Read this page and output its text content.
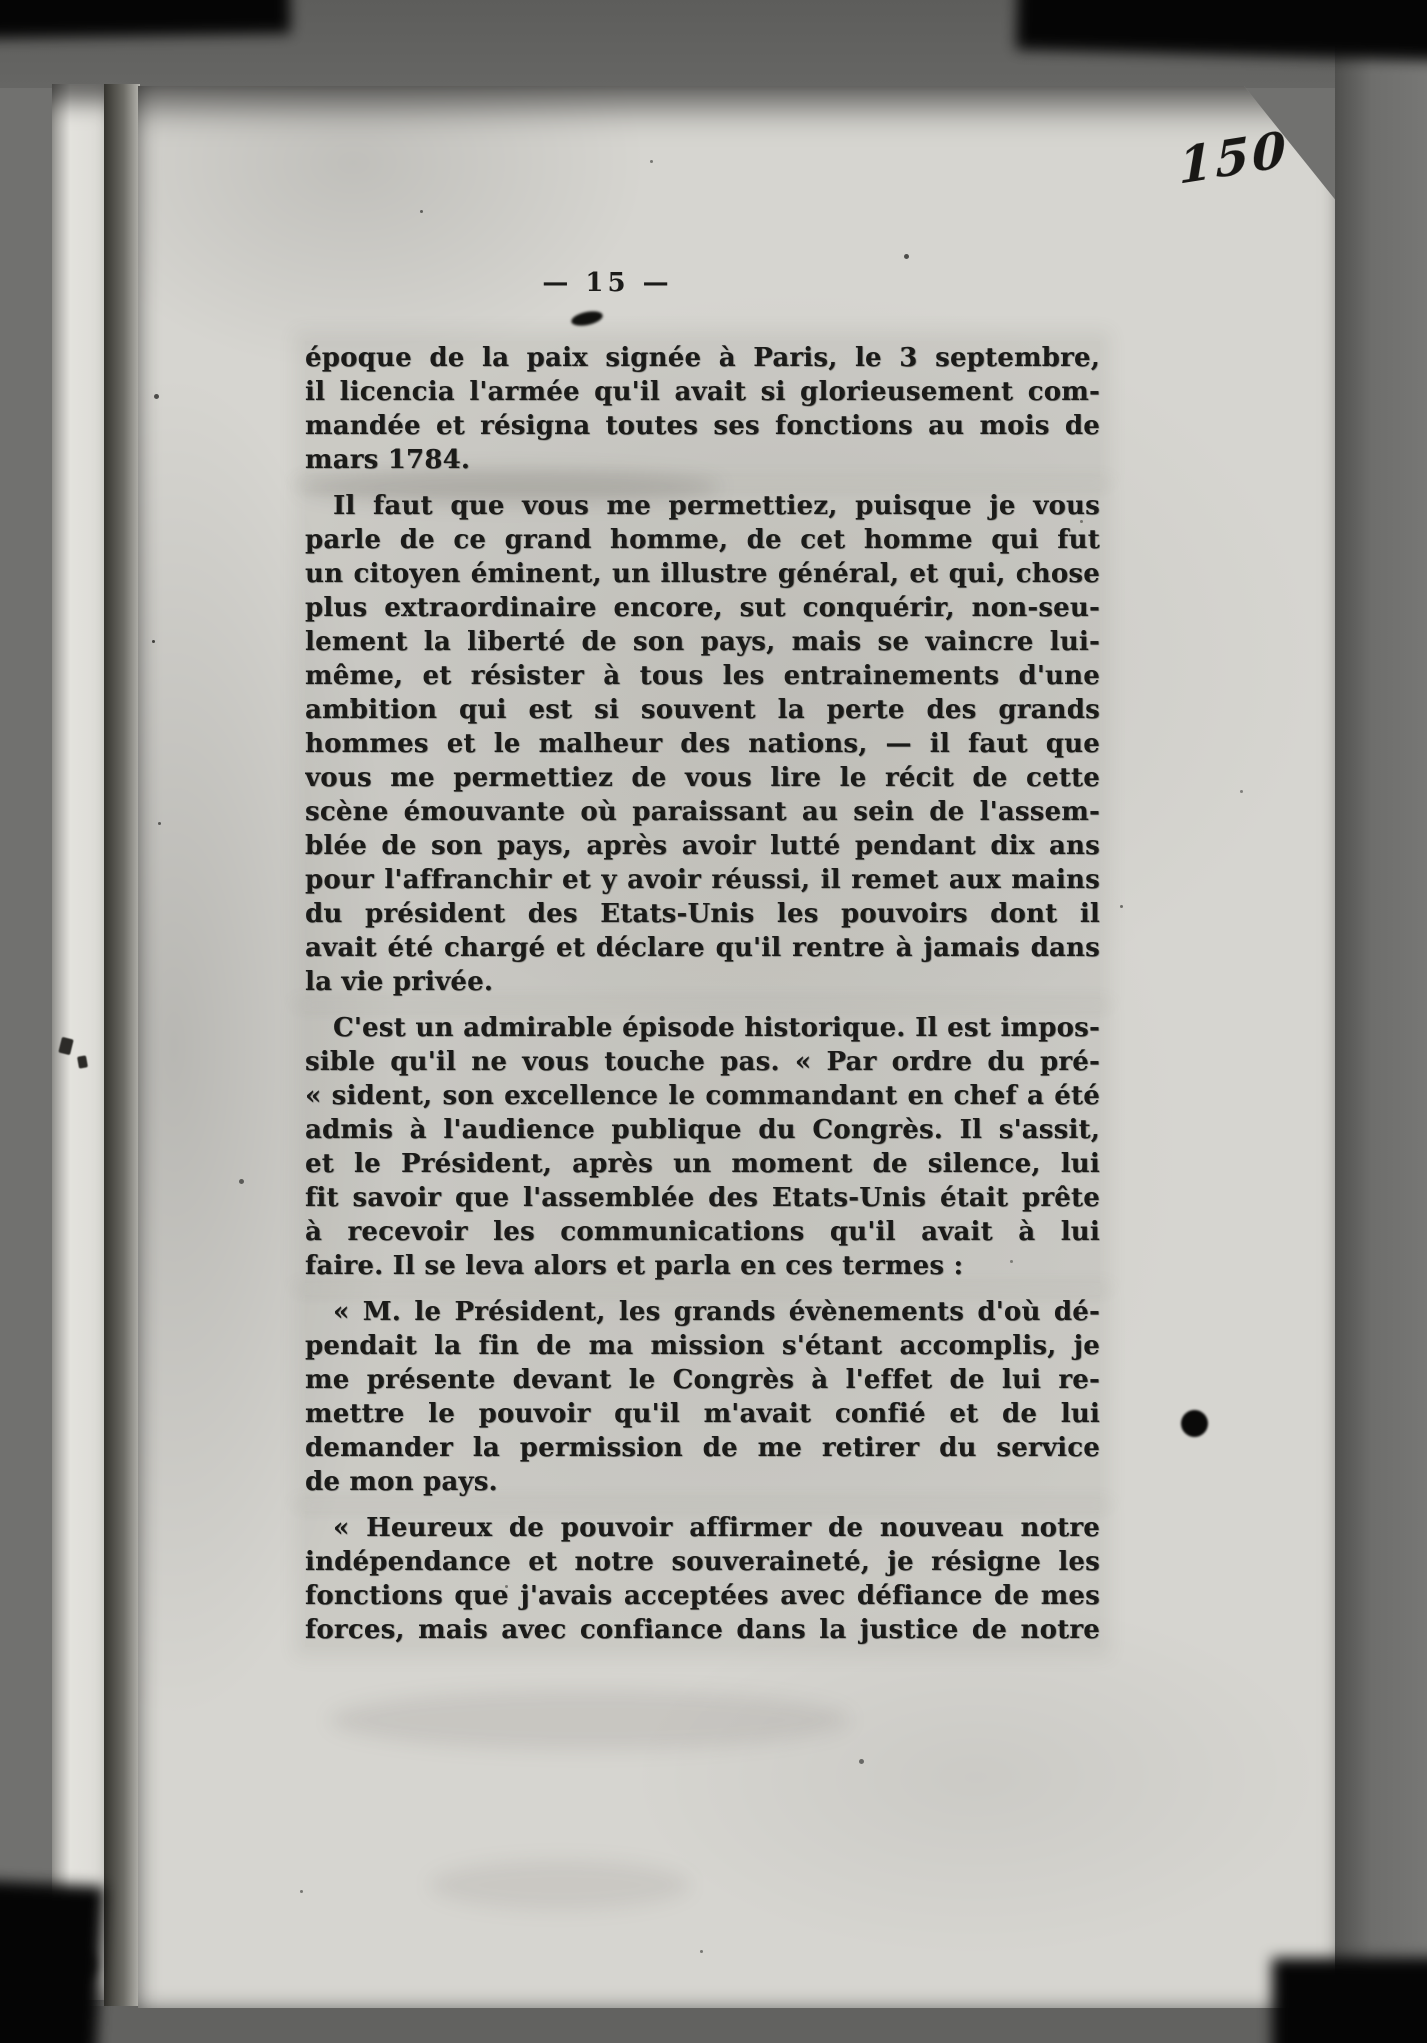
150
— 15 —
époque de la paix signée à Paris, le 3 septembre,
il licencia l'armée qu'il avait si glorieusement com-
mandée et résigna toutes ses fonctions au mois de
mars 1784.
Il faut que vous me permettiez, puisque je vous
parle de ce grand homme, de cet homme qui fut
un citoyen éminent, un illustre général, et qui, chose
plus extraordinaire encore, sut conquérir, non-seu-
lement la liberté de son pays, mais se vaincre lui-
même, et résister à tous les entrainements d'une
ambition qui est si souvent la perte des grands
hommes et le malheur des nations, — il faut que
vous me permettiez de vous lire le récit de cette
scène émouvante où paraissant au sein de l'assem-
blée de son pays, après avoir lutté pendant dix ans
pour l'affranchir et y avoir réussi, il remet aux mains
du président des Etats-Unis les pouvoirs dont il
avait été chargé et déclare qu'il rentre à jamais dans
la vie privée.
C'est un admirable épisode historique. Il est impos-
sible qu'il ne vous touche pas. « Par ordre du pré-
« sident, son excellence le commandant en chef a été
admis à l'audience publique du Congrès. Il s'assit,
et le Président, après un moment de silence, lui
fit savoir que l'assemblée des Etats-Unis était prête
à recevoir les communications qu'il avait à lui
faire. Il se leva alors et parla en ces termes :
« M. le Président, les grands évènements d'où dé-
pendait la fin de ma mission s'étant accomplis, je
me présente devant le Congrès à l'effet de lui re-
mettre le pouvoir qu'il m'avait confié et de lui
demander la permission de me retirer du service
de mon pays.
« Heureux de pouvoir affirmer de nouveau notre
indépendance et notre souveraineté, je résigne les
fonctions que j'avais acceptées avec défiance de mes
forces, mais avec confiance dans la justice de notre
